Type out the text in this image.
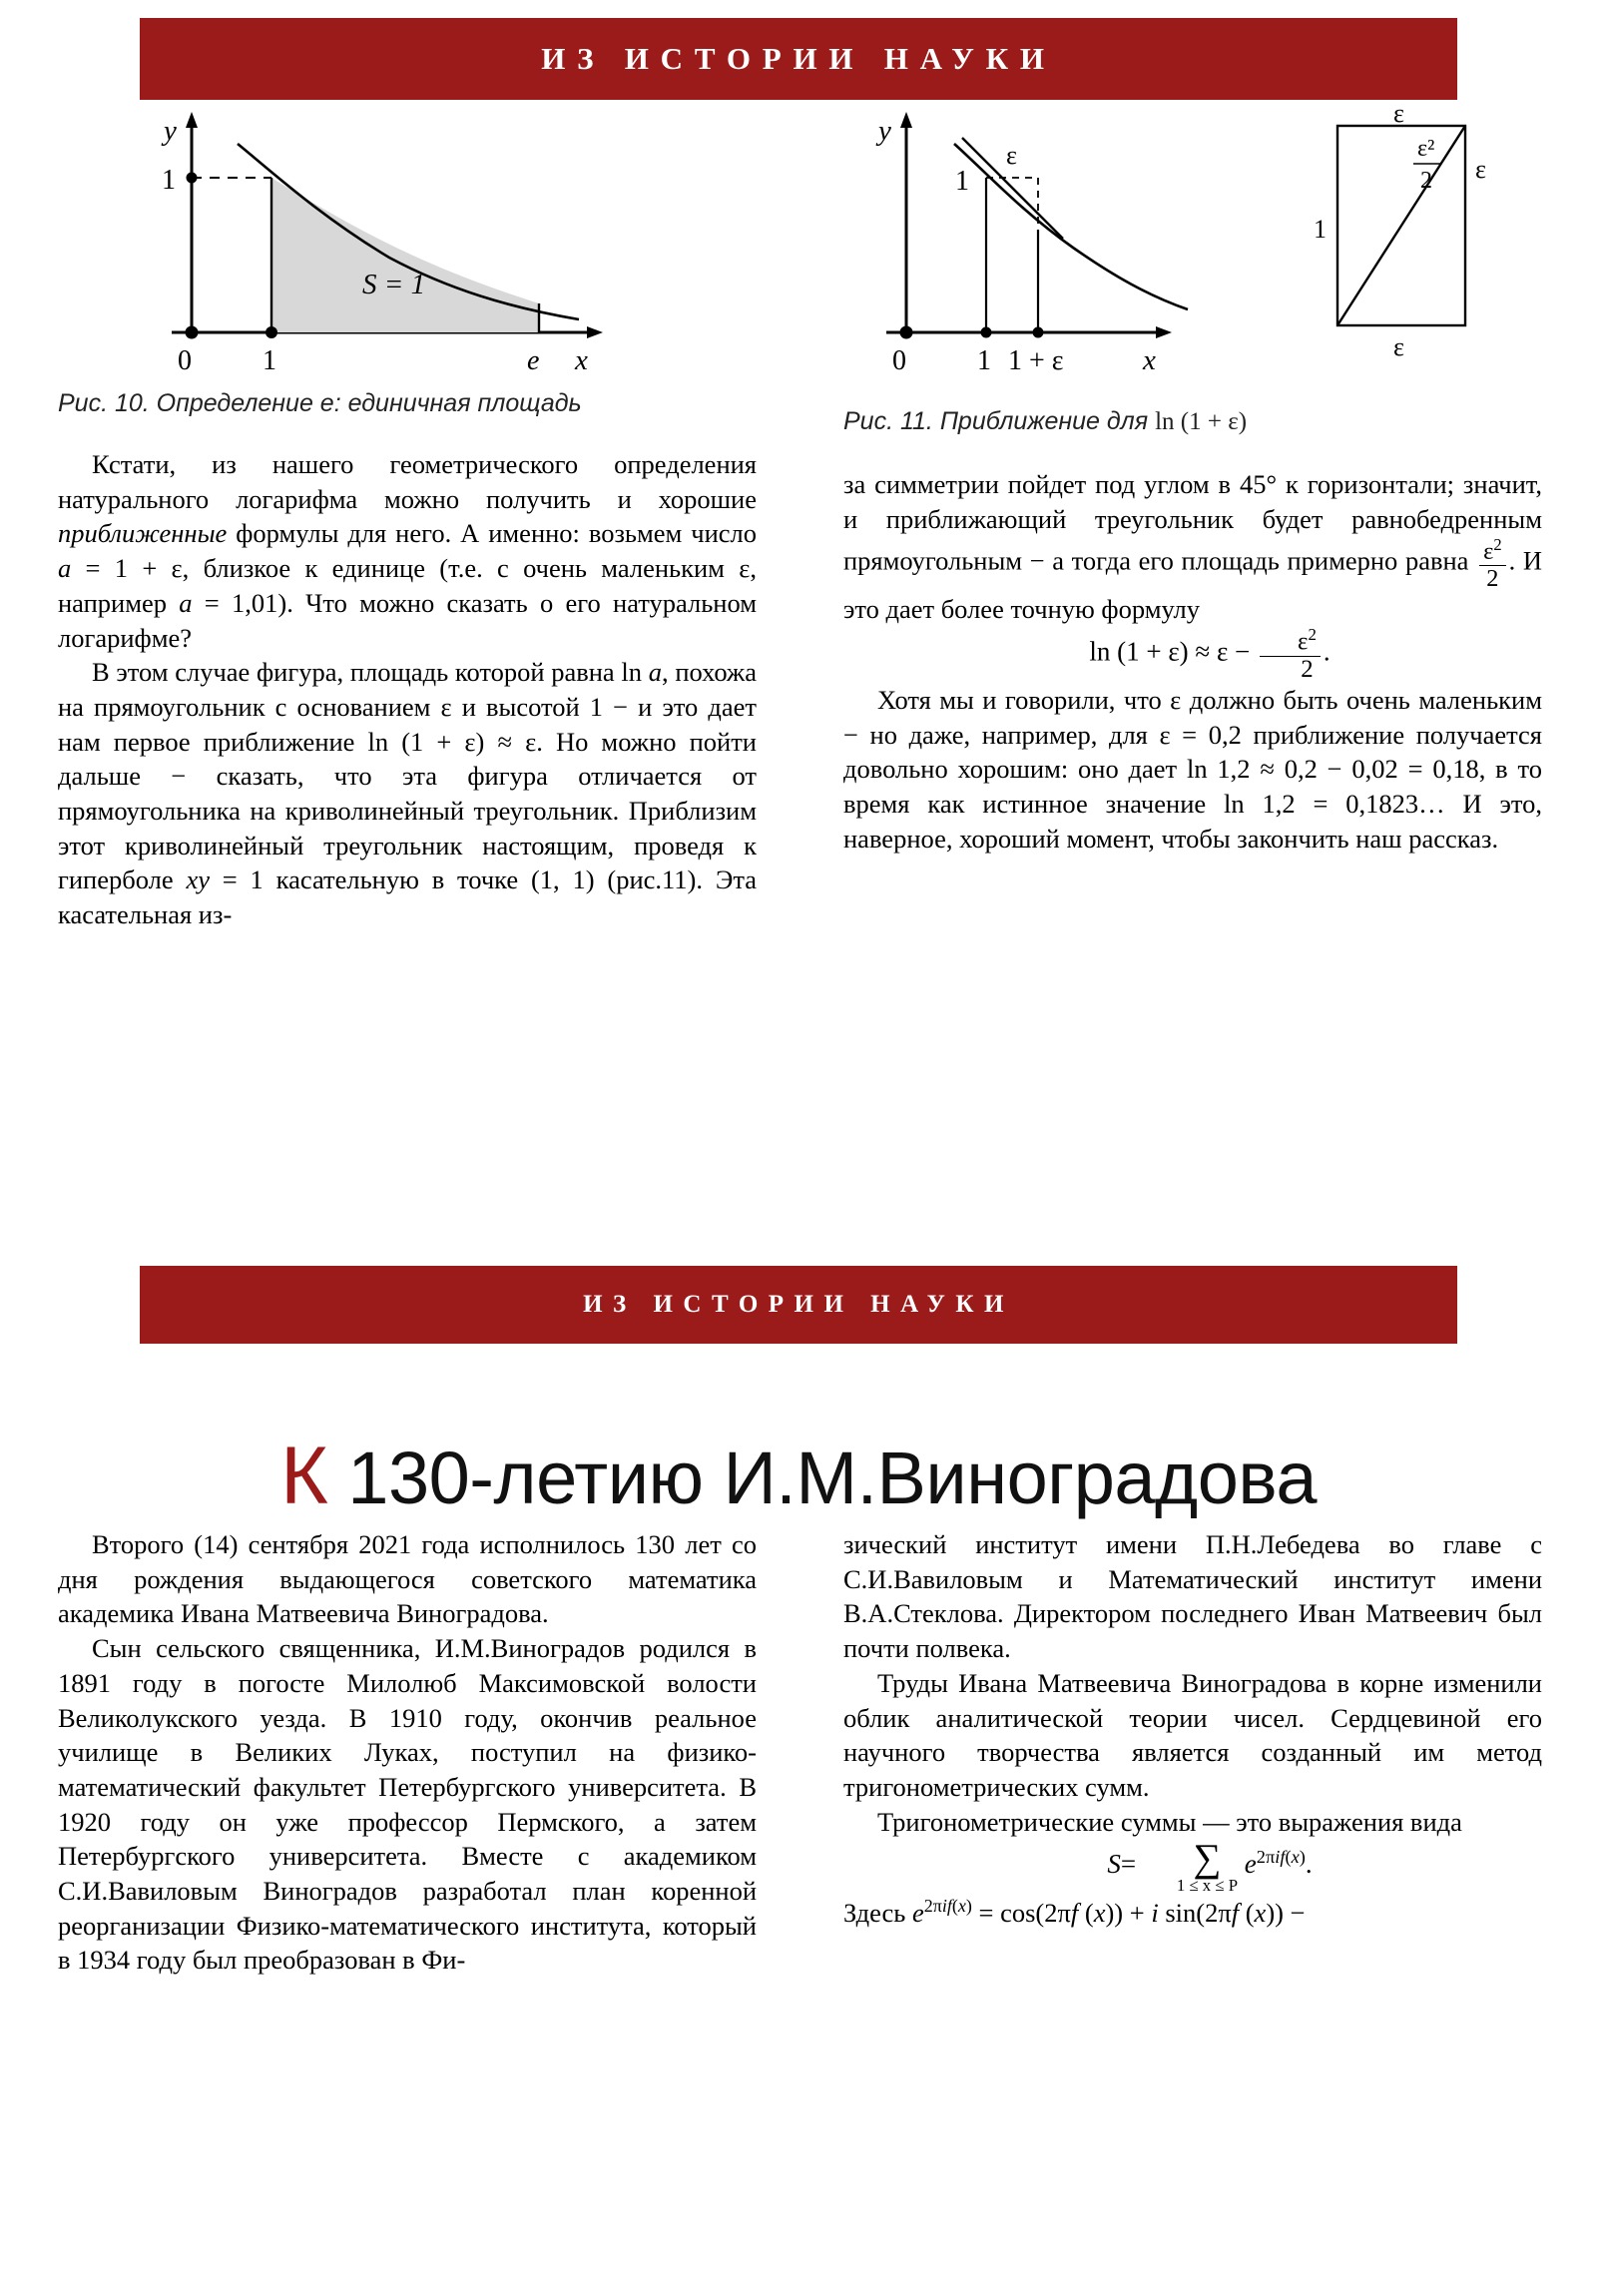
ИЗ ИСТОРИИ НАУКИ
y
1
0	1	e x
S = 1
Рис. 10. Определение е: единичная площадь
y
1
ε
0	1 1 + ε	x
ε
ε
ε
1
ε²
2
Рис. 11. Приближение для ln (1 + ε)

Кстати, из нашего геометрического определения натурального логарифма можно получить и хорошие приближенные формулы для него. А именно: возьмем число a = 1 + ε, близкое к единице (т.е. с очень маленьким ε, например a = 1,01). Что можно сказать о его натуральном логарифме?

В этом случае фигура, площадь которой равна ln a, похожа на прямоугольник с основанием ε и высотой 1 − и это дает нам первое приближение ln (1 + ε) ≈ ε. Но можно пойти дальше − сказать, что эта фигура отличается от прямоугольника на криволинейный треугольник. Приблизим этот криволинейный треугольник настоящим, проведя к гиперболе xy = 1 касательную в точке (1, 1) (рис.11). Эта касательная из-

за симметрии пойдет под углом в 45° к горизонтали; значит, и приближающий треугольник будет равнобедренным прямоугольным − а тогда его площадь примерно равна $\frac{\varepsilon^2}{2}$ . И это дает более точную формулу

$\ln (1 + \varepsilon) \approx \varepsilon - \frac{\varepsilon^2}{2}$ .

Хотя мы и говорили, что ε должно быть очень маленьким − но даже, например, для ε = 0,2 приближение получается довольно хорошим: оно дает ln 1,2 ≈ 0,2 − 0,02 = 0,18, в то время как истинное значение ln 1,2 = 0,1823… И это, наверное, хороший момент, чтобы закончить наш рассказ.

ИЗ ИСТОРИИ НАУКИ
К 130-летию И.М.Виноградова

Второго (14) сентября 2021 года исполнилось 130 лет со дня рождения выдающегося советского математика академика Ивана Матвеевича Виноградова.

Сын сельского священника, И.М.Виноградов родился в 1891 году в погосте Милолюб Максимовской волости Великолукского уезда. В 1910 году, окончив реальное училище в Великих Луках, поступил на физико-математический факультет Петербургского университета. В 1920 году он уже профессор Пермского, а затем Петербургского университета. Вместе с академиком С.И.Вавиловым Виноградов разработал план коренной реорганизации Физико-математического института, который в 1934 году был преобразован в Фи-

зический институт имени П.Н.Лебедева во главе с С.И.Вавиловым и Математический институт имени В.А.Стеклова. Директором последнего Иван Матвеевич был почти полвека.

Труды Ивана Матвеевича Виноградова в корне изменили облик аналитической теории чисел. Сердцевиной его научного творчества является созданный им метод тригонометрических сумм.

Тригонометрические суммы — это выражения вида

S=	∑
1 ≤ x ≤ P
$e^{2\pi if(x)}$.

Здесь $e^{2\pi if(x)} = \cos(2\pi f$ (x)) + i sin(2πf (x)) −
